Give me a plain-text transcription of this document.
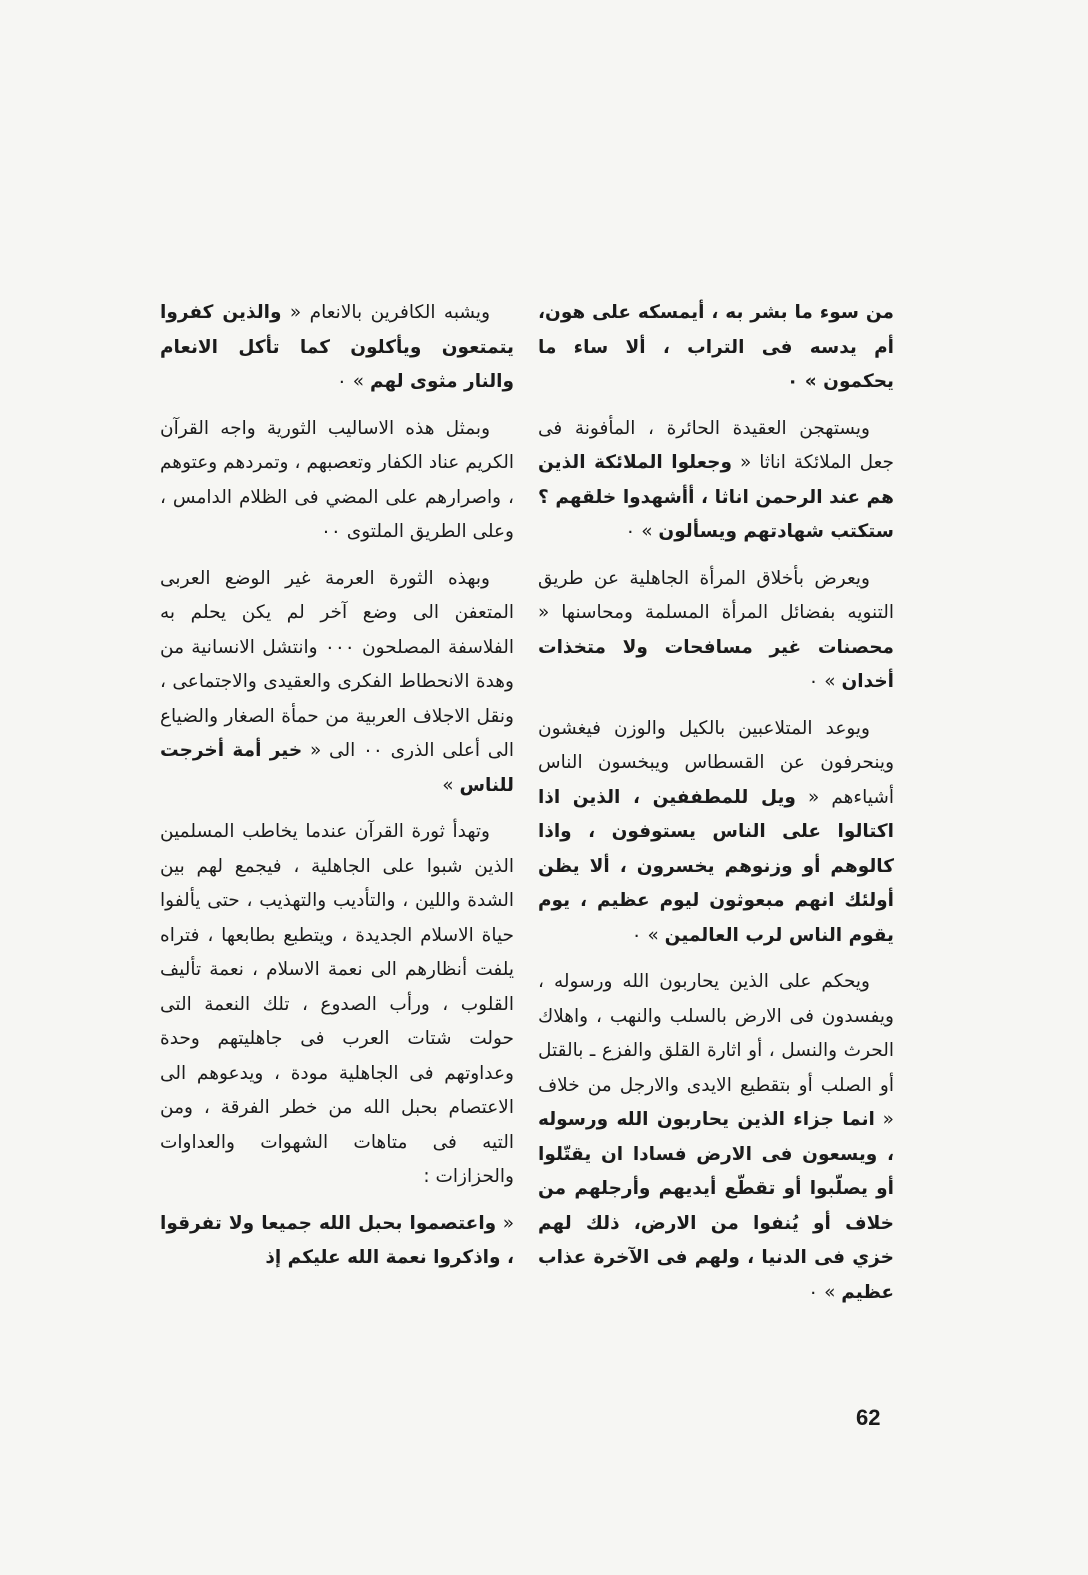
من سوء ما بشر به ، أيمسكه على هون، أم يدسه فى التراب ، ألا ساء ما يحكمون » ٠

ويستهجن العقيدة الحائرة ، المأفونة فى جعل الملائكة اناثا « وجعلوا الملائكة الذين هم عند الرحمن اناثا ، أأشهدوا خلقهم ؟ ستكتب شهادتهم ويسألون » ٠

ويعرض بأخلاق المرأة الجاهلية عن طريق التنويه بفضائل المرأة المسلمة ومحاسنها « محصنات غير مسافحات ولا متخذات أخدان » ٠

ويوعد المتلاعبين بالكيل والوزن فيغشون وينحرفون عن القسطاس ويبخسون الناس أشياءهم « ويل للمطففين ، الذين اذا اكتالوا على الناس يستوفون ، واذا كالوهم أو وزنوهم يخسرون ، ألا يظن أولئك انهم مبعوثون ليوم عظيم ، يوم يقوم الناس لرب العالمين » ٠

ويحكم على الذين يحاربون الله ورسوله ، ويفسدون فى الارض بالسلب والنهب ، واهلاك الحرث والنسل ، أو اثارة القلق والفزع ـ بالقتل أو الصلب أو بتقطيع الايدى والارجل من خلاف « انما جزاء الذين يحاربون الله ورسوله ، ويسعون فى الارض فسادا ان يقتّلوا أو يصلّبوا أو تقطّع أيديهم وأرجلهم من خلاف أو يُنفوا من الارض، ذلك لهم خزي فى الدنيا ، ولهم فى الآخرة عذاب عظيم » ٠

ويشبه الكافرين بالانعام « والذين كفروا يتمتعون ويأكلون كما تأكل الانعام والنار مثوى لهم » ٠

وبمثل هذه الاساليب الثورية واجه القرآن الكريم عناد الكفار وتعصبهم ، وتمردهم وعتوهم ، واصرارهم على المضي فى الظلام الدامس ، وعلى الطريق الملتوى ٠٠

وبهذه الثورة العرمة غير الوضع العربى المتعفن الى وضع آخر لم يكن يحلم به الفلاسفة المصلحون ٠٠٠ وانتشل الانسانية من وهدة الانحطاط الفكرى والعقيدى والاجتماعى ، ونقل الاجلاف العربية من حمأة الصغار والضياع الى أعلى الذرى ٠٠ الى « خير أمة أخرجت للناس »

وتهدأ ثورة القرآن عندما يخاطب المسلمين الذين شبوا على الجاهلية ، فيجمع لهم بين الشدة واللين ، والتأديب والتهذيب ، حتى يألفوا حياة الاسلام الجديدة ، ويتطبع بطابعها ، فتراه يلفت أنظارهم الى نعمة الاسلام ، نعمة تأليف القلوب ، ورأب الصدوع ، تلك النعمة التى حولت شتات العرب فى جاهليتهم وحدة وعداوتهم فى الجاهلية مودة ، ويدعوهم الى الاعتصام بحبل الله من خطر الفرقة ، ومن التيه فى متاهات الشهوات والعداوات والحزازات :

« واعتصموا بحبل الله جميعا ولا تفرقوا ، واذكروا نعمة الله عليكم إذ

62
